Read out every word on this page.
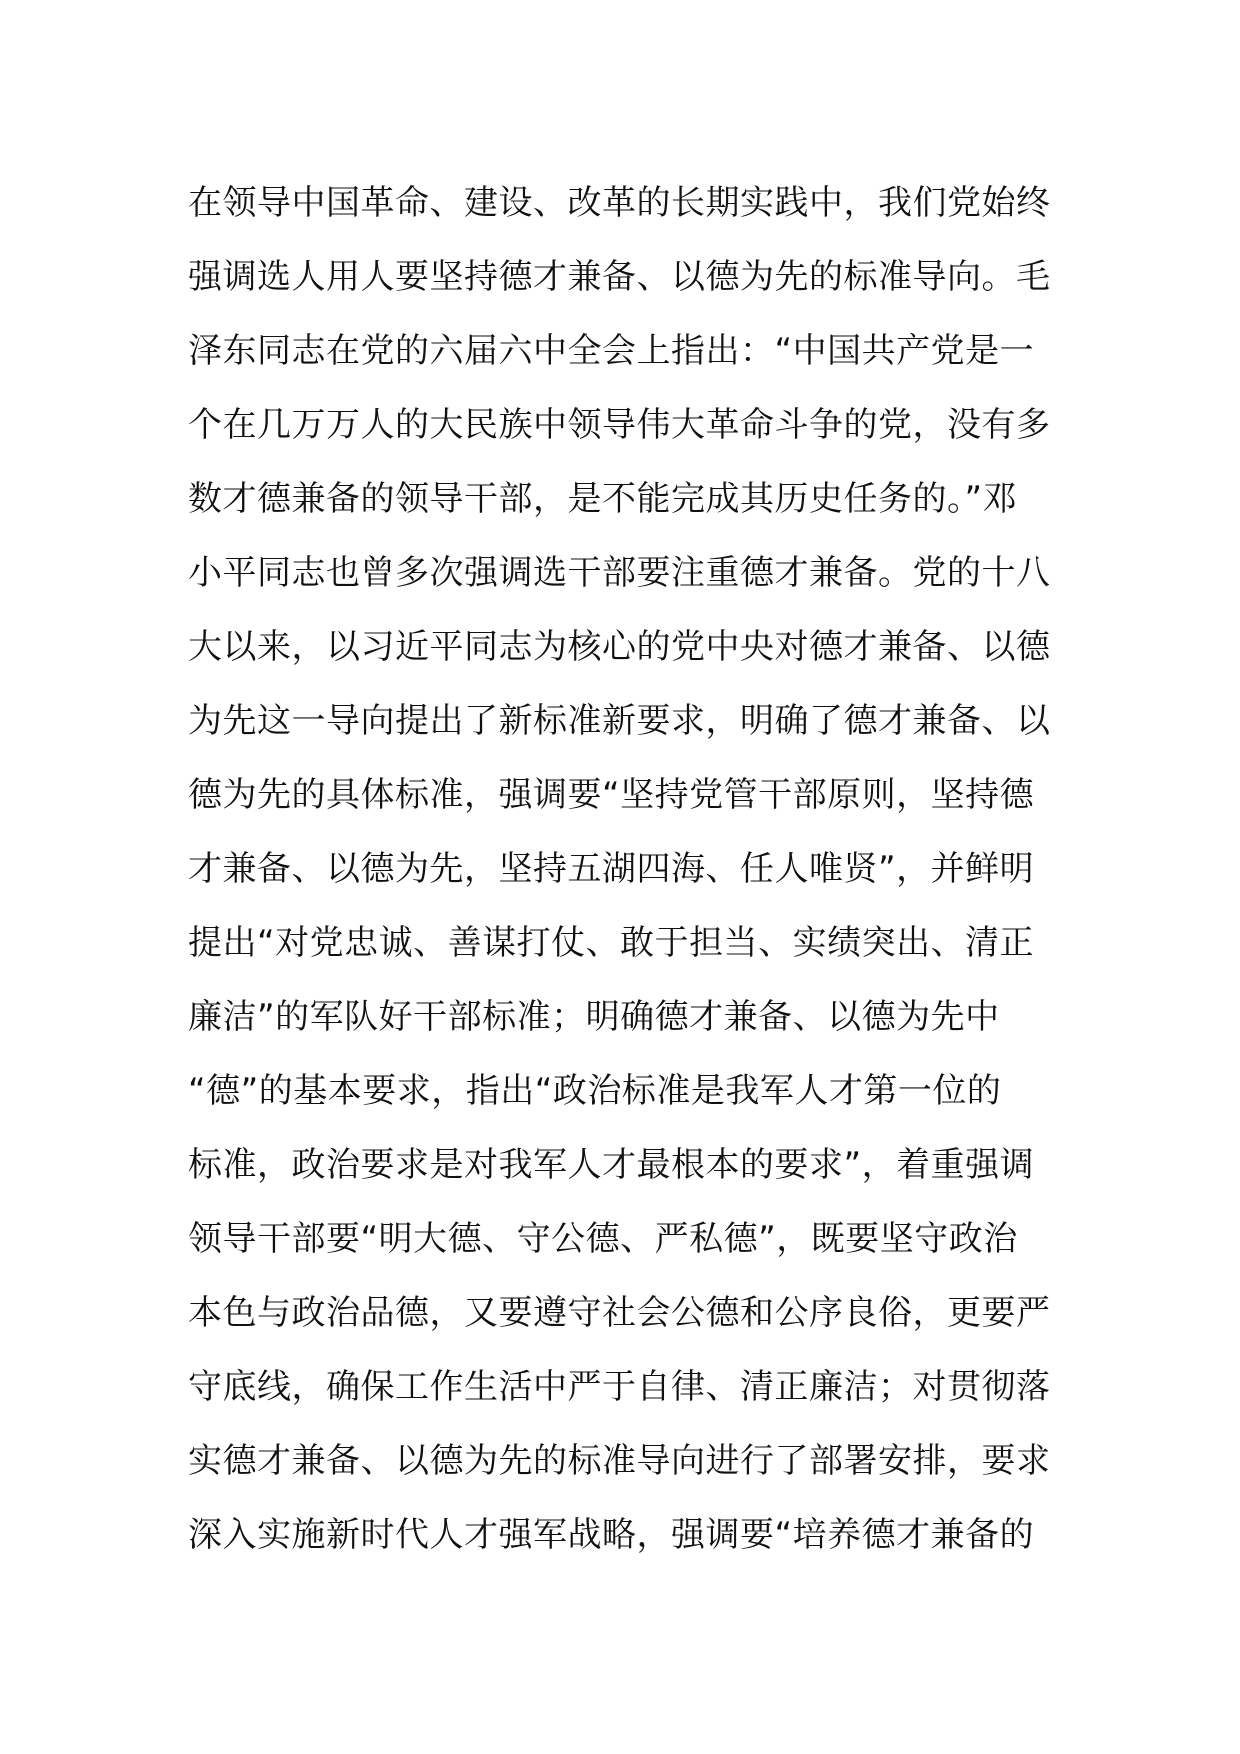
在领导中国革命、建设、改革的长期实践中，我们党始终
强调选人用人要坚持德才兼备、以德为先的标准导向。毛
泽东同志在党的六届六中全会上指出：“中国共产党是一
个在几万万人的大民族中领导伟大革命斗争的党，没有多
数才德兼备的领导干部，是不能完成其历史任务的。”邓
小平同志也曾多次强调选干部要注重德才兼备。党的十八
大以来，以习近平同志为核心的党中央对德才兼备、以德
为先这一导向提出了新标准新要求，明确了德才兼备、以
德为先的具体标准，强调要“坚持党管干部原则，坚持德
才兼备、以德为先，坚持五湖四海、任人唯贤”，并鲜明
提出“对党忠诚、善谋打仗、敢于担当、实绩突出、清正
廉洁”的军队好干部标准；明确德才兼备、以德为先中
“德”的基本要求，指出“政治标准是我军人才第一位的
标准，政治要求是对我军人才最根本的要求”，着重强调
领导干部要“明大德、守公德、严私德”，既要坚守政治
本色与政治品德，又要遵守社会公德和公序良俗，更要严
守底线，确保工作生活中严于自律、清正廉洁；对贯彻落
实德才兼备、以德为先的标准导向进行了部署安排，要求
深入实施新时代人才强军战略，强调要“培养德才兼备的
